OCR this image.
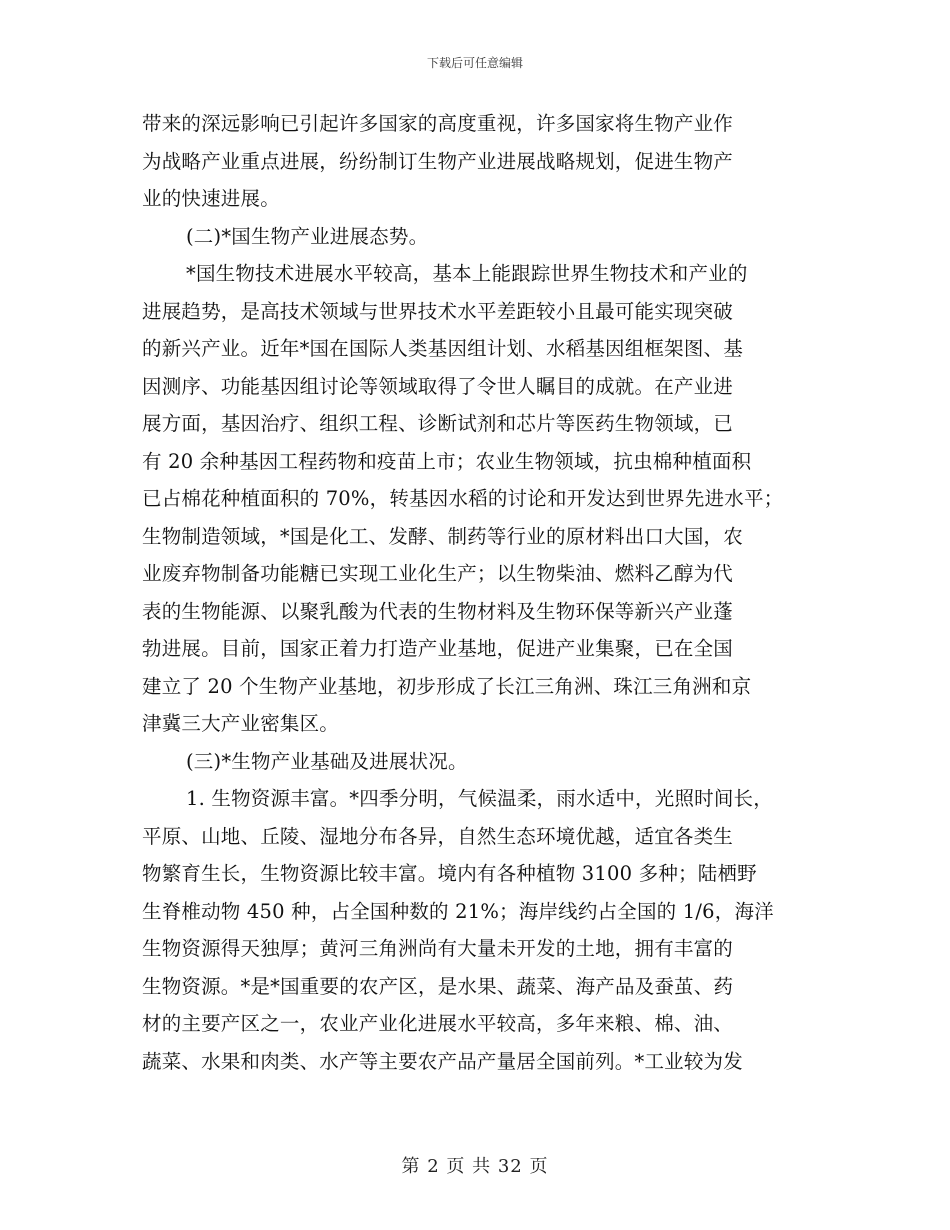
下载后可任意编辑
带来的深远影响已引起许多国家的高度重视，许多国家将生物产业作
为战略产业重点进展，纷纷制订生物产业进展战略规划，促进生物产
业的快速进展。
(二)*国生物产业进展态势。
*国生物技术进展水平较高，基本上能跟踪世界生物技术和产业的
进展趋势，是高技术领域与世界技术水平差距较小且最可能实现突破
的新兴产业。近年*国在国际人类基因组计划、水稻基因组框架图、基
因测序、功能基因组讨论等领域取得了令世人瞩目的成就。在产业进
展方面，基因治疗、组织工程、诊断试剂和芯片等医药生物领域，已
有 20 余种基因工程药物和疫苗上市；农业生物领域，抗虫棉种植面积
已占棉花种植面积的 70%，转基因水稻的讨论和开发达到世界先进水平；
生物制造领域，*国是化工、发酵、制药等行业的原材料出口大国，农
业废弃物制备功能糖已实现工业化生产；以生物柴油、燃料乙醇为代
表的生物能源、以聚乳酸为代表的生物材料及生物环保等新兴产业蓬
勃进展。目前，国家正着力打造产业基地，促进产业集聚，已在全国
建立了 20 个生物产业基地，初步形成了长江三角洲、珠江三角洲和京
津冀三大产业密集区。
(三)*生物产业基础及进展状况。
1. 生物资源丰富。*四季分明，气候温柔，雨水适中，光照时间长，
平原、山地、丘陵、湿地分布各异，自然生态环境优越，适宜各类生
物繁育生长，生物资源比较丰富。境内有各种植物 3100 多种；陆栖野
生脊椎动物 450 种，占全国种数的 21%；海岸线约占全国的 1/6，海洋
生物资源得天独厚；黄河三角洲尚有大量未开发的土地，拥有丰富的
生物资源。*是*国重要的农产区，是水果、蔬菜、海产品及蚕茧、药
材的主要产区之一，农业产业化进展水平较高，多年来粮、棉、油、
蔬菜、水果和肉类、水产等主要农产品产量居全国前列。*工业较为发
第 2 页 共 32 页
